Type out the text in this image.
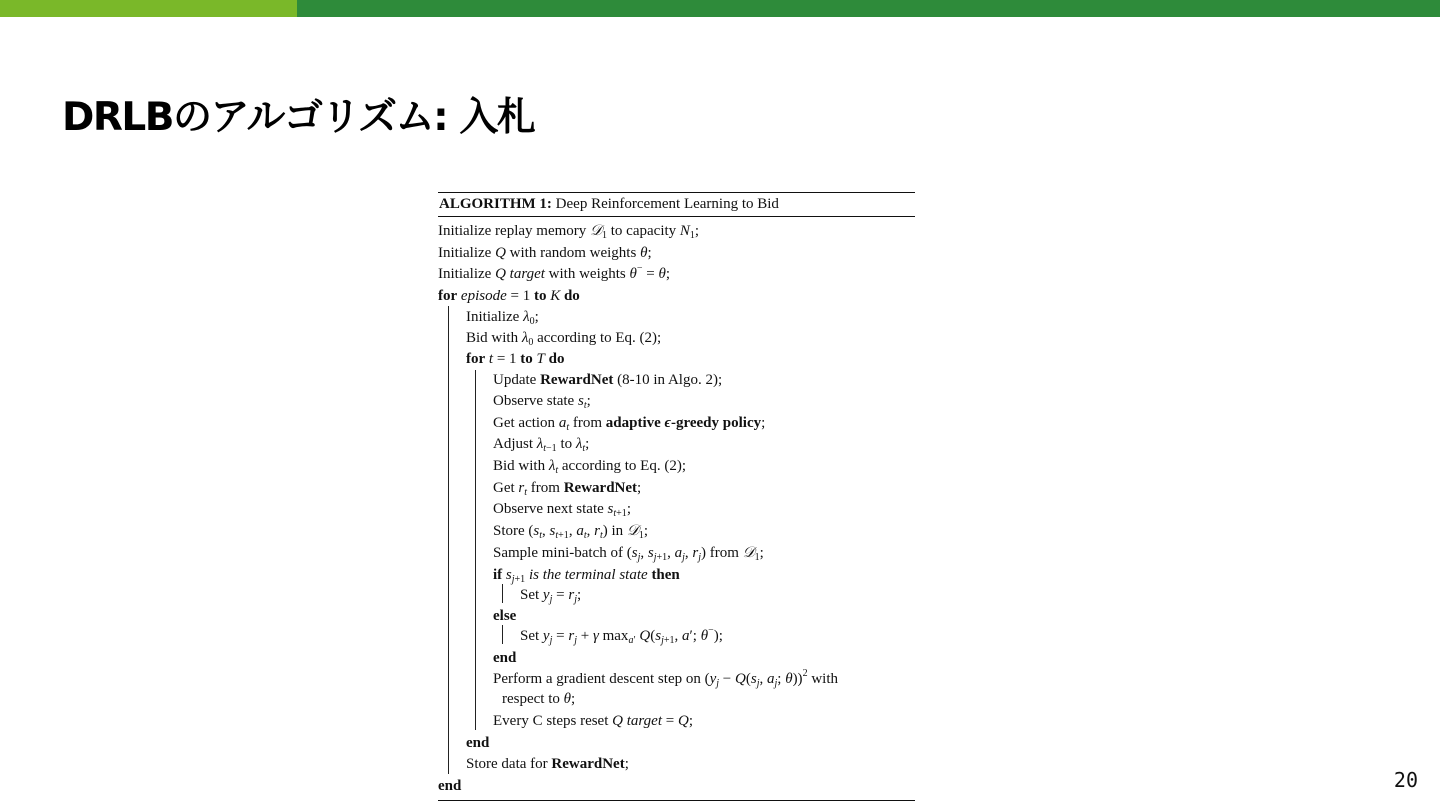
DRLBのアルゴリズム: 入札
ALGORITHM 1: Deep Reinforcement Learning to Bid
Initialize replay memory 𝒟$_1$ to capacity $N_1$;
Initialize Q with random weights θ;
Initialize Q target with weights θ− = θ;
for episode = 1 to K do
Initialize $\lambda_0$;
Bid with $\lambda_0$ according to Eq. (2);
for t = 1 to T do
Update RewardNet (8-10 in Algo. 2);
Observe state $s_t$;
Get action $a_t$ from adaptive ϵ-greedy policy;
Adjust $\lambda_{t-1}$ to $\lambda_t$;
Bid with $\lambda_t$ according to Eq. (2);
Get $r_t$ from RewardNet;
Observe next state $s_{t+1}$;
Store ($s_t$, $s_{t+1}$, $a_t$, $r_t$) in 𝒟$_1$;
Sample mini-batch of ($s_j$, $s_{j+1}$, $a_j$, $r_j$) from 𝒟$_1$;
if $s_{j+1}$ is the terminal state then
Set $y_j = r_j$;
else
Set $y_j = r_j + \gamma$ $\max_{a'} Q(s_{j+1}$, a′; θ−);
end
Perform a gradient descent step on ($y_j - Q(s_j$, $a_j$; θ))$^2$ with
respect to θ;
Every C steps reset Q target = Q;
end
Store data for RewardNet;
end	20
